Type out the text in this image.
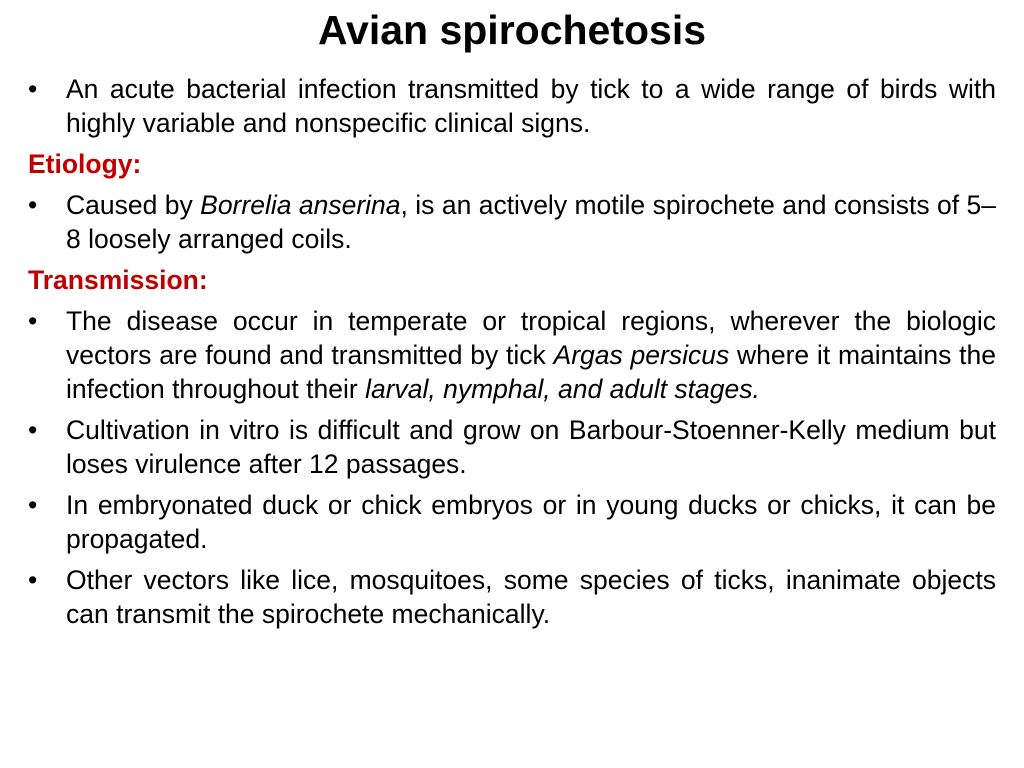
Avian spirochetosis
•	An acute bacterial infection transmitted by tick to a wide range of birds with highly variable and nonspecific clinical signs.
Etiology:
•	Caused by Borrelia anserina, is an actively motile spirochete and consists of 5–8 loosely arranged coils.
Transmission:
•	The disease occur in temperate or tropical regions, wherever the biologic vectors are found and transmitted by tick Argas persicus where it maintains the infection throughout their larval, nymphal, and adult stages.
•	Cultivation in vitro is difficult and grow on Barbour-Stoenner-Kelly medium but loses virulence after 12 passages.
•	In embryonated duck or chick embryos or in young ducks or chicks, it can be propagated.
•	Other vectors like lice, mosquitoes, some species of ticks, inanimate objects can transmit the spirochete mechanically.
